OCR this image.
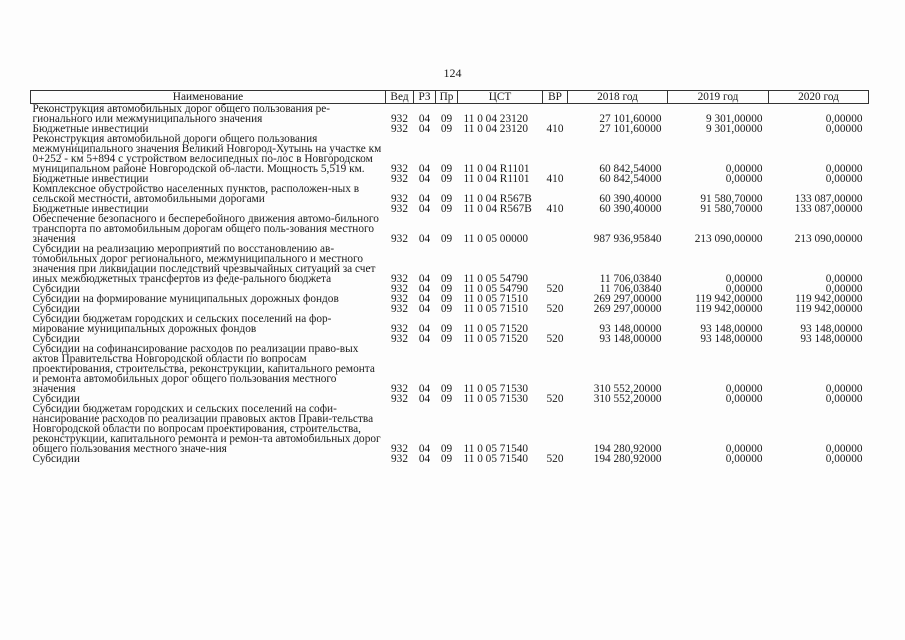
124
Наименование	Вед	РЗ	Пр	ЦСТ	ВР	2018 год	2019 год	2020 год
Реконструкция автомобильных дорог общего пользования ре-гионального или межмуниципального значения	932	04	09	11 0 04 23120		27 101,60000	9 301,00000	0,00000
Бюджетные инвестиции	932	04	09	11 0 04 23120	410	27 101,60000	9 301,00000	0,00000
Реконструкция автомобильной дороги общего пользования межмуниципального значения Великий Новгород-Хутынь на участке км 0+252 - км 5+894 с устройством велосипедных по-лос в Новгородском муниципальном районе Новгородской об-ласти. Мощность 5,519 км.	932	04	09	11 0 04 R1101		60 842,54000	0,00000	0,00000
Бюджетные инвестиции	932	04	09	11 0 04 R1101	410	60 842,54000	0,00000	0,00000
Комплексное обустройство населенных пунктов, расположен-ных в сельской местности, автомобильными дорогами	932	04	09	11 0 04 R567B		60 390,40000	91 580,70000	133 087,00000
Бюджетные инвестиции	932	04	09	11 0 04 R567B	410	60 390,40000	91 580,70000	133 087,00000
Обеспечение безопасного и бесперебойного движения автомо-бильного транспорта по автомобильным дорогам общего поль-зования местного значения	932	04	09	11 0 05 00000		987 936,95840	213 090,00000	213 090,00000
Субсидии на реализацию мероприятий по восстановлению ав-томобильных дорог регионального, межмуниципального и местного значения при ликвидации последствий чрезвычайных ситуаций за счет иных межбюджетных трансфертов из феде-рального бюджета	932	04	09	11 0 05 54790		11 706,03840	0,00000	0,00000
Субсидии	932	04	09	11 0 05 54790	520	11 706,03840	0,00000	0,00000
Субсидии на формирование муниципальных дорожных фондов	932	04	09	11 0 05 71510		269 297,00000	119 942,00000	119 942,00000
Субсидии	932	04	09	11 0 05 71510	520	269 297,00000	119 942,00000	119 942,00000
Субсидии бюджетам городских и сельских поселений на фор-мирование муниципальных дорожных фондов	932	04	09	11 0 05 71520		93 148,00000	93 148,00000	93 148,00000
Субсидии	932	04	09	11 0 05 71520	520	93 148,00000	93 148,00000	93 148,00000
Субсидии на софинансирование расходов по реализации право-вых актов Правительства Новгородской области по вопросам проектирования, строительства, реконструкции, капитального ремонта и ремонта автомобильных дорог общего пользования местного значения	932	04	09	11 0 05 71530		310 552,20000	0,00000	0,00000
Субсидии	932	04	09	11 0 05 71530	520	310 552,20000	0,00000	0,00000
Субсидии бюджетам городских и сельских поселений на софи-нансирование расходов по реализации правовых актов Прави-тельства Новгородской области по вопросам проектирования, строительства, реконструкции, капитального ремонта и ремон-та автомобильных дорог общего пользования местного значе-ния	932	04	09	11 0 05 71540		194 280,92000	0,00000	0,00000
Субсидии	932	04	09	11 0 05 71540	520	194 280,92000	0,00000	0,00000
